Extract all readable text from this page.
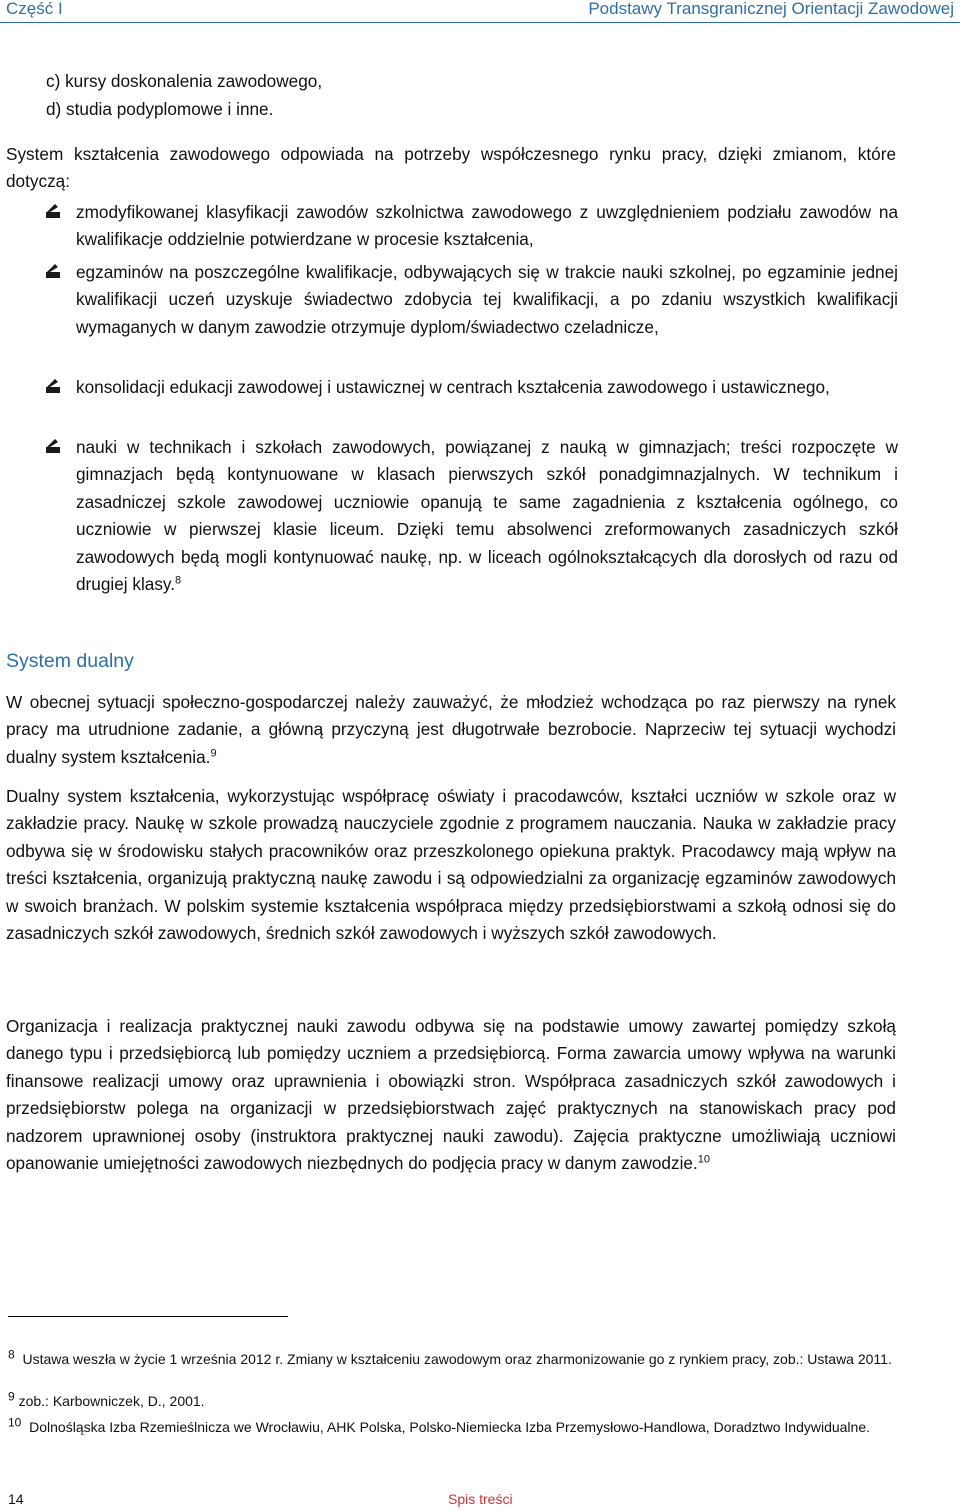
Część I	Podstawy Transgranicznej Orientacji Zawodowej
c) kursy doskonalenia zawodowego,
d) studia podyplomowe i inne.
System kształcenia zawodowego odpowiada na potrzeby współczesnego rynku pracy, dzięki zmianom, które dotyczą:
zmodyfikowanej klasyfikacji zawodów szkolnictwa zawodowego z uwzględnieniem podziału zawodów na kwalifikacje oddzielnie potwierdzane w procesie kształcenia,
egzaminów na poszczególne kwalifikacje, odbywających się w trakcie nauki szkolnej, po egzaminie jednej kwalifikacji uczeń uzyskuje świadectwo zdobycia tej kwalifikacji, a po zdaniu wszystkich kwalifikacji wymaganych w danym zawodzie otrzymuje dyplom/świadectwo czeladnicze,
konsolidacji edukacji zawodowej i ustawicznej w centrach kształcenia zawodowego i ustawicznego,
nauki w technikach i szkołach zawodowych, powiązanej z nauką w gimnazjach; treści rozpoczęte w gimnazjach będą kontynuowane w klasach pierwszych szkół ponadgimnazjalnych. W technikum i zasadniczej szkole zawodowej uczniowie opanują te same zagadnienia z kształcenia ogólnego, co uczniowie w pierwszej klasie liceum. Dzięki temu absolwenci zreformowanych zasadniczych szkół zawodowych będą mogli kontynuować naukę, np. w liceach ogólnokształcących dla dorosłych od razu od drugiej klasy.$^8$
System dualny
W obecnej sytuacji społeczno-gospodarczej należy zauważyć, że młodzież wchodząca po raz pierwszy na rynek pracy ma utrudnione zadanie, a główną przyczyną jest długotrwałe bezrobocie. Naprzeciw tej sytuacji wychodzi dualny system kształcenia.$^9$
Dualny system kształcenia, wykorzystując współpracę oświaty i pracodawców, kształci uczniów w szkole oraz w zakładzie pracy. Naukę w szkole prowadzą nauczyciele zgodnie z programem nauczania. Nauka w zakładzie pracy odbywa się w środowisku stałych pracowników oraz przeszkolonego opiekuna praktyk. Pracodawcy mają wpływ na treści kształcenia, organizują praktyczną naukę zawodu i są odpowiedzialni za organizację egzaminów zawodowych w swoich branżach. W polskim systemie kształcenia współpraca między przedsiębiorstwami a szkołą odnosi się do zasadniczych szkół zawodowych, średnich szkół zawodowych i wyższych szkół zawodowych.
Organizacja i realizacja praktycznej nauki zawodu odbywa się na podstawie umowy zawartej pomiędzy szkołą danego typu i przedsiębiorcą lub pomiędzy uczniem a przedsiębiorcą. Forma zawarcia umowy wpływa na warunki finansowe realizacji umowy oraz uprawnienia i obowiązki stron. Współpraca zasadniczych szkół zawodowych i przedsiębiorstw polega na organizacji w przedsiębiorstwach zajęć praktycznych na stanowiskach pracy pod nadzorem uprawnionej osoby (instruktora praktycznej nauki zawodu). Zajęcia praktyczne umożliwiają uczniowi opanowanie umiejętności zawodowych niezbędnych do podjęcia pracy w danym zawodzie.$^{10}$
$^8$ Ustawa weszła w życie 1 września 2012 r. Zmiany w kształceniu zawodowym oraz zharmonizowanie go z rynkiem pracy, zob.: Ustawa 2011.
$^9$ zob.: Karbowniczek, D., 2001.
$^{10}$ Dolnośląska Izba Rzemieślnicza we Wrocławiu, AHK Polska, Polsko-Niemiecka Izba Przemysłowo-Handlowa, Doradztwo Indywidualne.
14	Spis treści
